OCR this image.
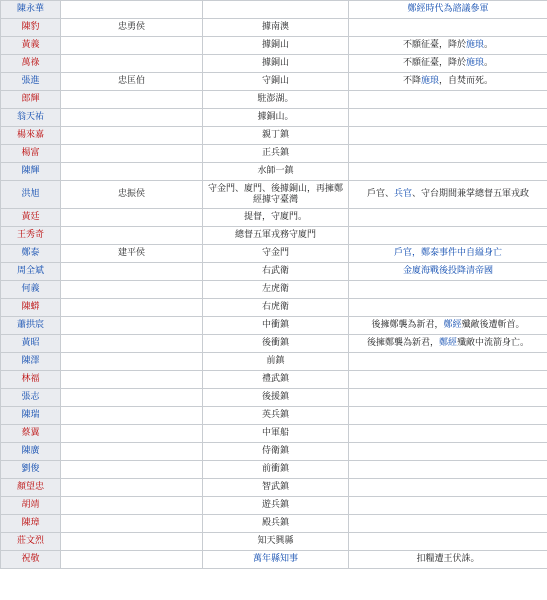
陳永華			鄭經時代為諮議參軍
陳豹	忠勇侯	據南澳	
黃義		據銅山	不願征臺，降於施琅。
萬祿		據銅山	不願征臺，降於施琅。
張進	忠匡伯	守銅山	不降施琅，自焚而死。
郎輝		駐澎湖。	
翁天祐		據銅山。	
楊來嘉		親丁鎮	
楊富		正兵鎮	
陳輝		水師一鎮	
洪旭	忠振侯	守金門、廈門、後據銅山，再擁鄭經據守臺灣	戶官、兵官、守台期間兼掌總督五軍戎政
黃廷		提督，守廈門。	
王秀奇		總督五軍戎務守廈門	
鄭泰	建平侯	守金門	戶官，鄭泰事件中自縊身亡
周全斌		右武衛	金廈海戰後投降清帝國
何義		左虎衛	
陳蟒		右虎衛	
蕭拱宸		中衝鎮	後擁鄭襲為新君，鄭經殲敵後遭斬首。
黃昭		後衝鎮	後擁鄭襲為新君，鄭經殲敵中流箭身亡。
陳澤		前鎮	
林福		禮武鎮	
張志		後援鎮	
陳瑞		英兵鎮	
蔡翼		中軍船	
陳廣		侍衛鎮	
劉俊		前衝鎮	
顏望忠		智武鎮	
胡靖		遊兵鎮	
陳璋		殿兵鎮	
莊文烈		知天興縣	
祝敬		萬年縣知事	扣糧遭王伏誅。
